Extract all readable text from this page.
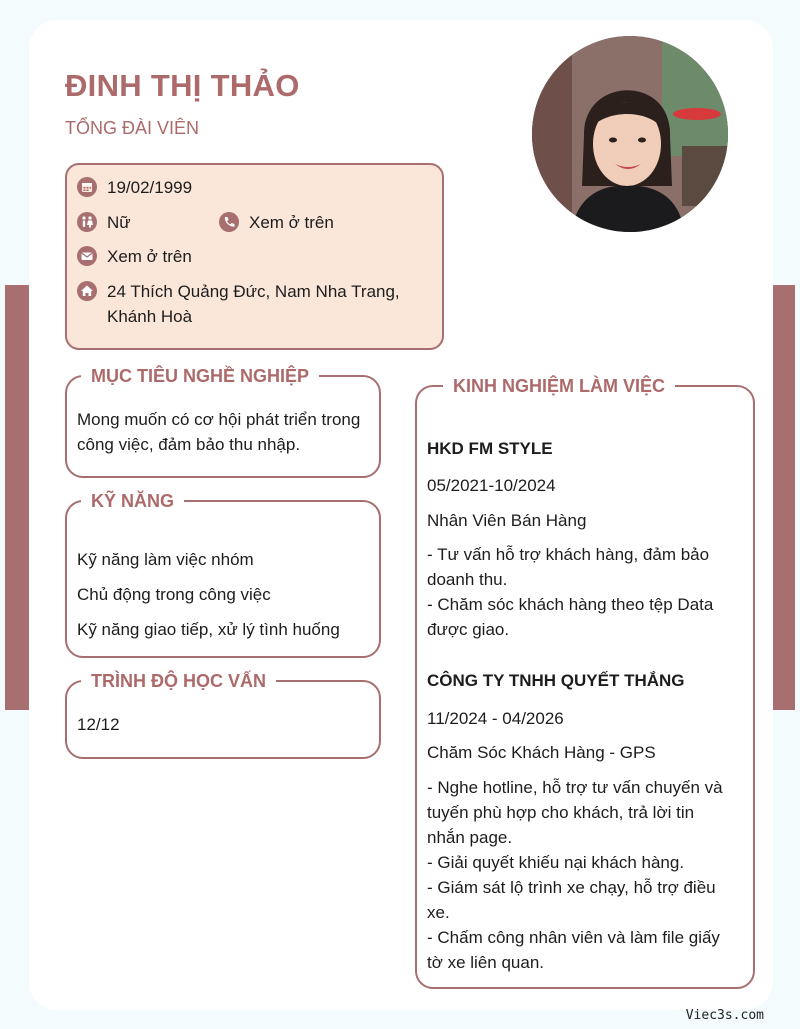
ĐINH THỊ THẢO
TỔNG ĐÀI VIÊN
19/02/1999
Nữ	Xem ở trên
Xem ở trên
24 Thích Quảng Đức, Nam Nha Trang,
Khánh Hoà
MỤC TIÊU NGHỀ NGHIỆP
Mong muốn có cơ hội phát triển trong
công việc, đảm bảo thu nhập.
KỸ NĂNG
Kỹ năng làm việc nhóm
Chủ động trong công việc
Kỹ năng giao tiếp, xử lý tình huống
TRÌNH ĐỘ HỌC VẤN
12/12
KINH NGHIỆM LÀM VIỆC
HKD FM STYLE
05/2021-10/2024
Nhân Viên Bán Hàng
- Tư vấn hỗ trợ khách hàng, đảm bảo
doanh thu.
- Chăm sóc khách hàng theo tệp Data
được giao.
CÔNG TY TNHH QUYẾT THẮNG
11/2024 - 04/2026
Chăm Sóc Khách Hàng - GPS
- Nghe hotline, hỗ trợ tư vấn chuyến và
tuyến phù hợp cho khách, trả lời tin
nhắn page.
- Giải quyết khiếu nại khách hàng.
- Giám sát lộ trình xe chạy, hỗ trợ điều
xe.
- Chấm công nhân viên và làm file giấy
tờ xe liên quan.
Viec3s.com
